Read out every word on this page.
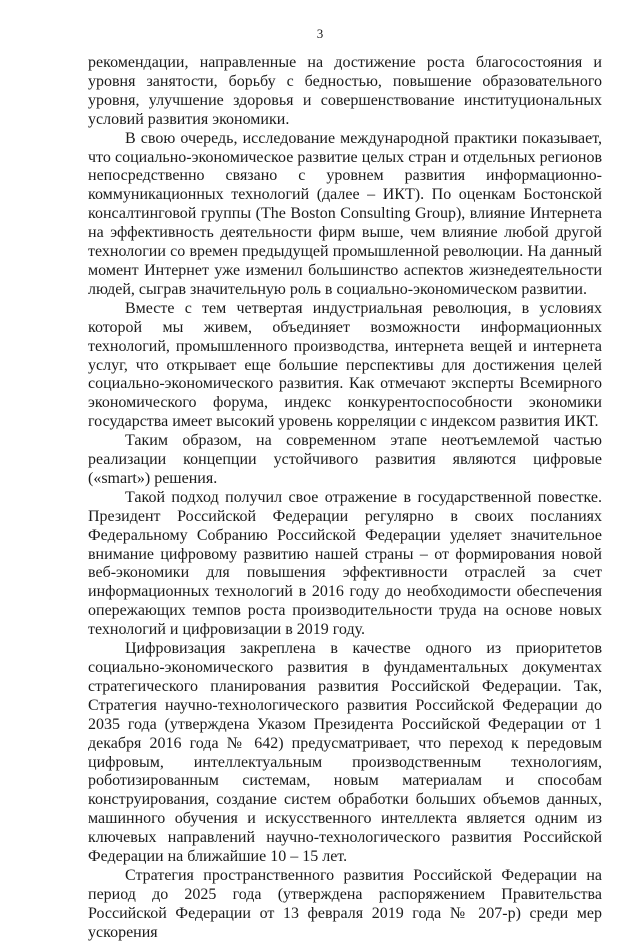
3

рекомендации, направленные на достижение роста благосостояния и уровня занятости, борьбу с бедностью, повышение образовательного уровня, улучшение здоровья и совершенствование институциональных условий развития экономики.

В свою очередь, исследование международной практики показывает, что социально-экономическое развитие целых стран и отдельных регионов непосредственно связано с уровнем развития информационно-коммуникационных технологий (далее – ИКТ). По оценкам Бостонской консалтинговой группы (The Boston Consulting Group), влияние Интернета на эффективность деятельности фирм выше, чем влияние любой другой технологии со времен предыдущей промышленной революции. На данный момент Интернет уже изменил большинство аспектов жизнедеятельности людей, сыграв значительную роль в социально-экономическом развитии.

Вместе с тем четвертая индустриальная революция, в условиях которой мы живем, объединяет возможности информационных технологий, промышленного производства, интернета вещей и интернета услуг, что открывает еще большие перспективы для достижения целей социально-экономического развития. Как отмечают эксперты Всемирного экономического форума, индекс конкурентоспособности экономики государства имеет высокий уровень корреляции с индексом развития ИКТ.

Таким образом, на современном этапе неотъемлемой частью реализации концепции устойчивого развития являются цифровые («smart») решения.

Такой подход получил свое отражение в государственной повестке. Президент Российской Федерации регулярно в своих посланиях Федеральному Собранию Российской Федерации уделяет значительное внимание цифровому развитию нашей страны – от формирования новой веб-экономики для повышения эффективности отраслей за счет информационных технологий в 2016 году до необходимости обеспечения опережающих темпов роста производительности труда на основе новых технологий и цифровизации в 2019 году.

Цифровизация закреплена в качестве одного из приоритетов социально-экономического развития в фундаментальных документах стратегического планирования развития Российской Федерации. Так, Стратегия научно-технологического развития Российской Федерации до 2035 года (утверждена Указом Президента Российской Федерации от 1 декабря 2016 года № 642) предусматривает, что переход к передовым цифровым, интеллектуальным производственным технологиям, роботизированным системам, новым материалам и способам конструирования, создание систем обработки больших объемов данных, машинного обучения и искусственного интеллекта является одним из ключевых направлений научно-технологического развития Российской Федерации на ближайшие 10 – 15 лет.

Стратегия пространственного развития Российской Федерации на период до 2025 года (утверждена распоряжением Правительства Российской Федерации от 13 февраля 2019 года № 207-р) среди мер ускорения
